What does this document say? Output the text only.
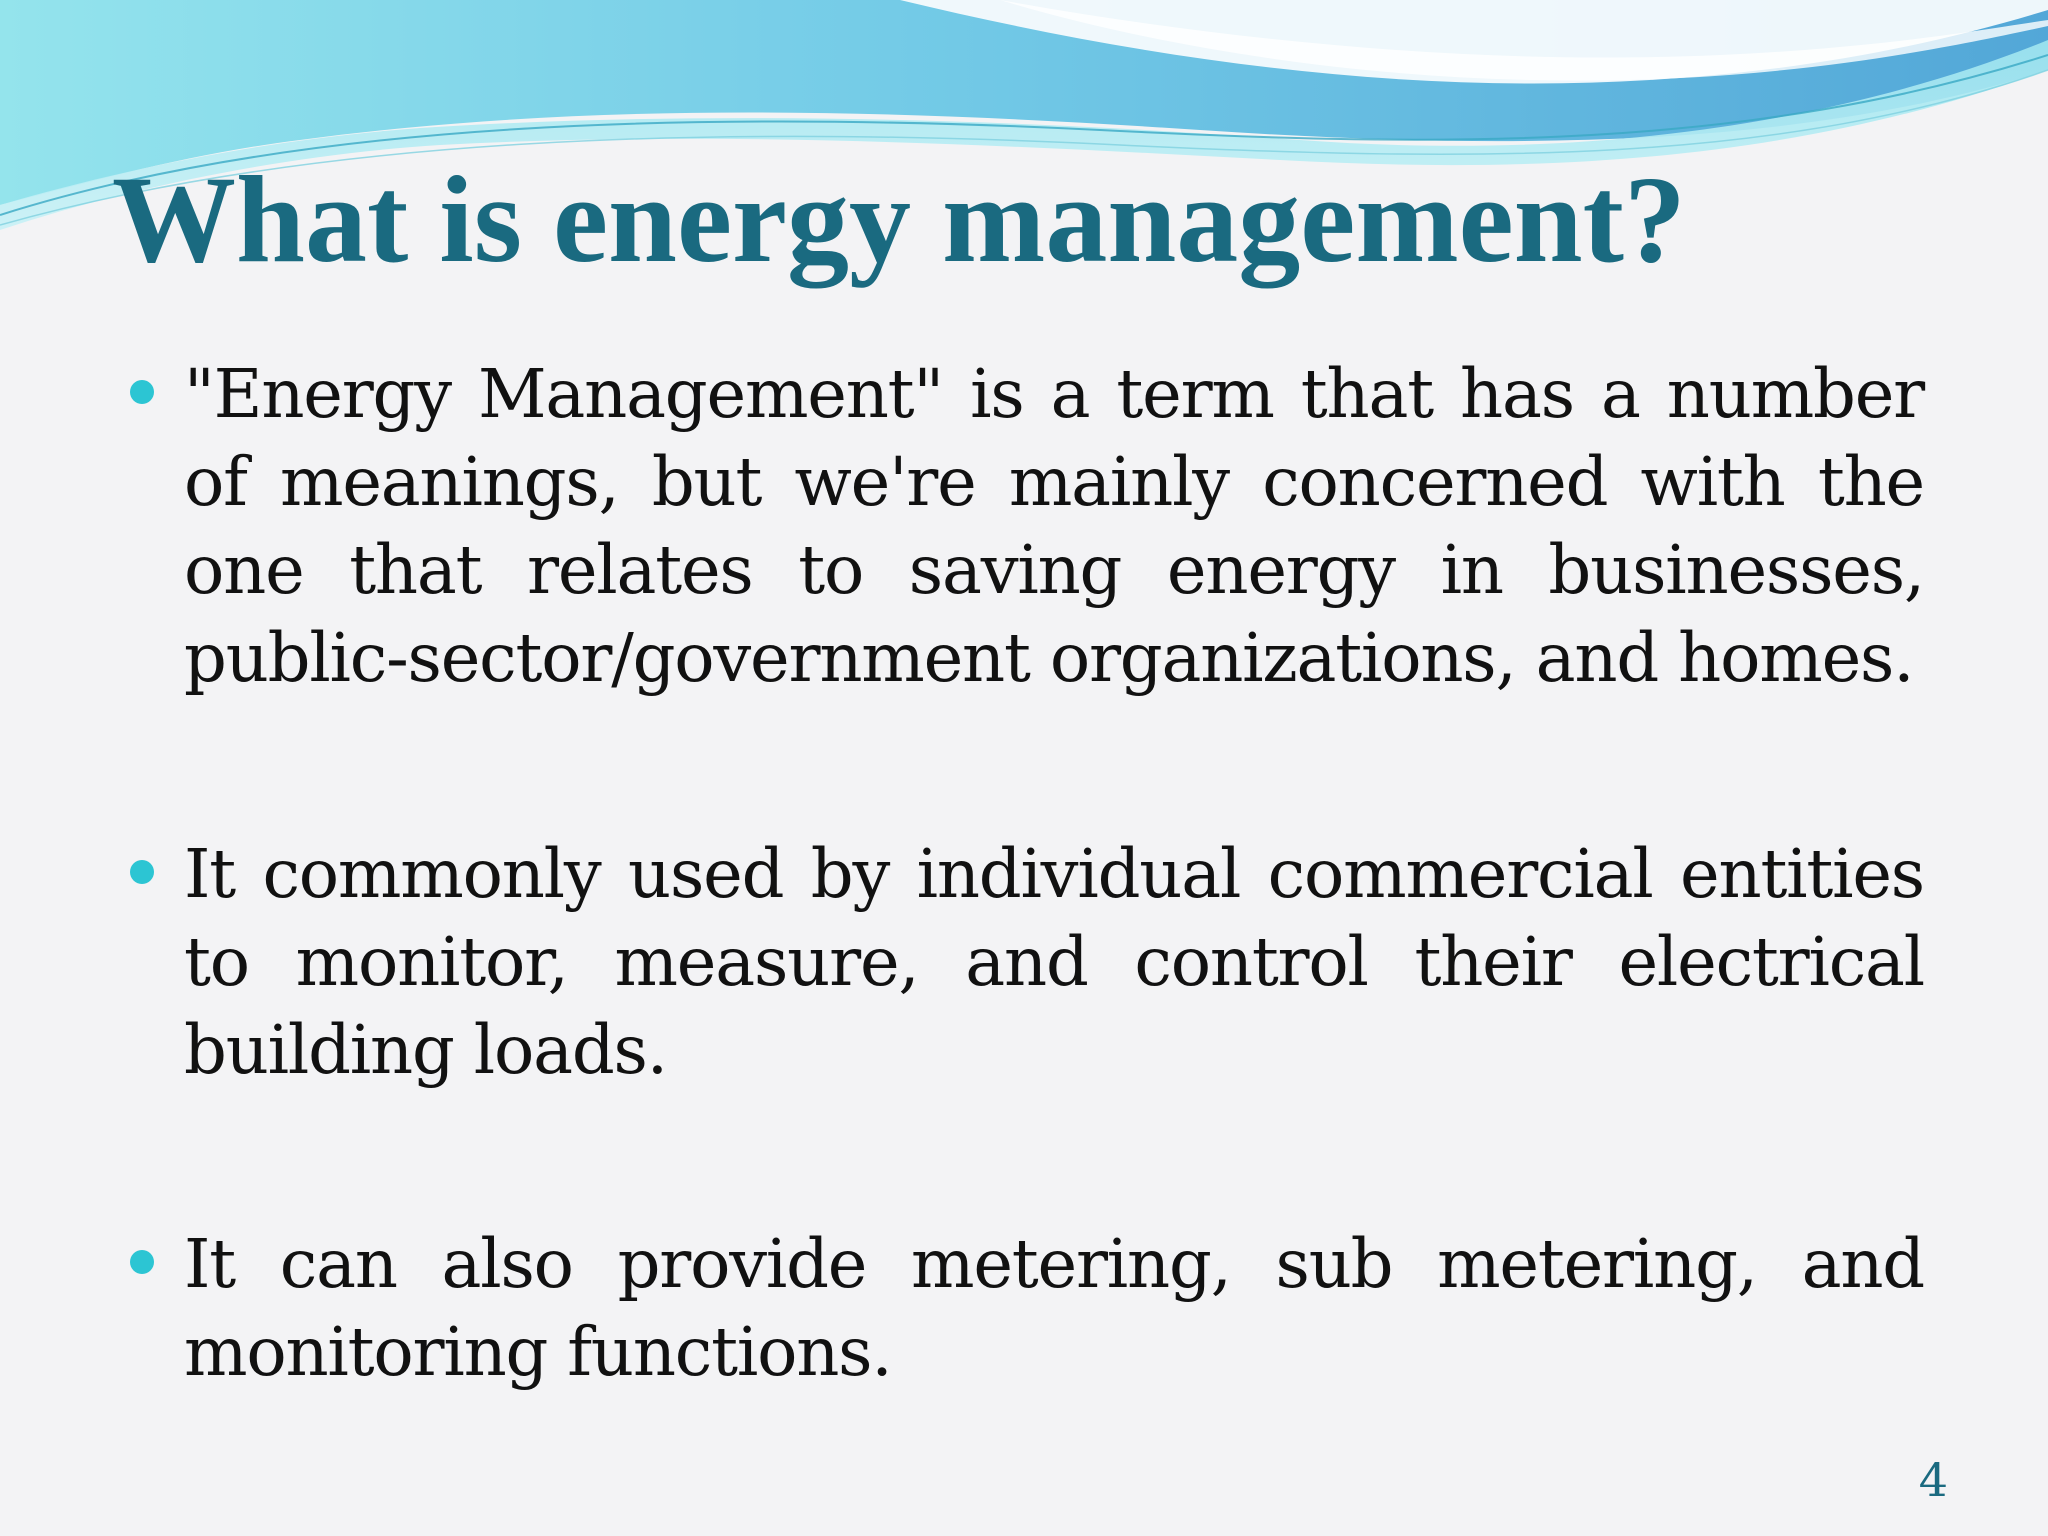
What is energy management?
"Energy Management" is a term that has a number of meanings, but we're mainly concerned with the one that relates to saving energy in businesses, public-sector/government organizations, and homes.
It commonly used by individual commercial entities to monitor, measure, and control their electrical building loads.
It can also provide metering, sub metering, and monitoring functions.
4
